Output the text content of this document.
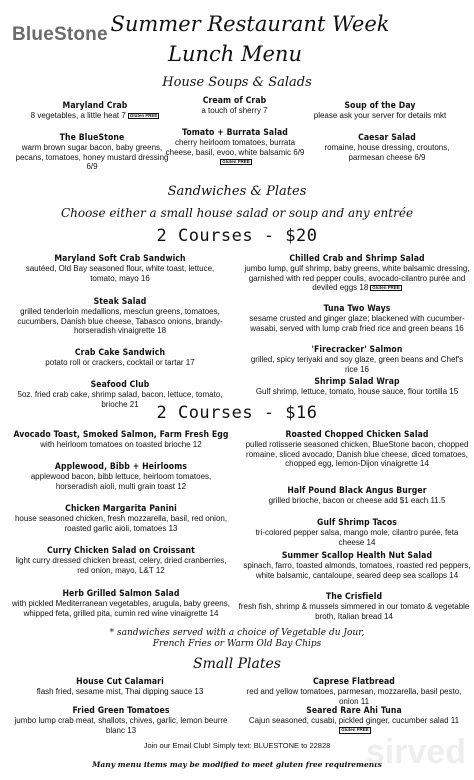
BlueStone Summer Restaurant Week
Lunch Menu
House Soups & Salads
Maryland Crab
8 vegetables, a little heat 7 Gluten FREE
Cream of Crab
a touch of sherry 7	Soup of the Day
please ask your server for details mkt
The BlueStone
warm brown sugar bacon, baby greens, pecans, tomatoes, honey mustard dressing 6/9
Tomato + Burrata Salad
cherry heirloom tomatoes, burrata cheese, basil, evoo, white balsamic 6/9Gluten FREE
Caesar Salad
romaine, house dressing, croutons, parmesan cheese 6/9
Sandwiches & Plates
Choose either a small house salad or soup and any entrée
2 Courses - $20
Maryland Soft Crab Sandwich
sautéed, Old Bay seasoned flour, white toast, lettuce, tomato, mayo 16
Steak Salad
grilled tenderloin medallions, mesclun greens, tomatoes, cucumbers, Danish blue cheese, Tabasco onions, brandy-horseradish vinaigrette 18
Crab Cake Sandwich
potato roll or crackers, cocktail or tartar 17
Seafood Club
5oz. fried crab cake, shrimp salad, bacon, lettuce, tomato, brioche 21
Chilled Crab and Shrimp Salad
jumbo lump, gulf shrimp, baby greens, white balsamic dressing, garnished with red pepper coulis, avocado-cilantro purée and deviled eggs 18 Gluten FREE
Tuna Two Ways
sesame crusted and ginger glaze; blackened with cucumber-wasabi, served with lump crab fried rice and green beans 16
'Firecracker' Salmon
grilled, spicy teriyaki and soy glaze, green beans and Chef's rice 16
Shrimp Salad Wrap
Gulf shrimp, lettuce, tomato, house sauce, flour tortilla 15
2 Courses - $16
Avocado Toast, Smoked Salmon, Farm Fresh Egg
with heirloom tomatoes on toasted brioche 12
Applewood, Bibb + Heirlooms
applewood bacon, bibb lettuce, heirloom tomatoes, horseradish aioli, multi grain toast 12
Chicken Margarita Panini
house seasoned chicken, fresh mozzarella, basil, red onion, roasted garlic aioli, tomatoes 13
Curry Chicken Salad on Croissant
light curry dressed chicken breast, celery, dried cranberries, red onion, mayo, L&T 12
Herb Grilled Salmon Salad
with pickled Mediterranean vegetables, arugula, baby greens, whipped feta, grilled pita, cumin red wine vinaigrette 14
Roasted Chopped Chicken Salad
pulled rotisserie seasoned chicken, BlueStone bacon, chopped romaine, sliced avocado, Danish blue cheese, diced tomatoes, chopped egg, lemon-Dijon vinaigrette 14
Half Pound Black Angus Burger
grilled brioche, bacon or cheese add $1 each 11.5
Gulf Shrimp Tacos
tri-colored pepper salsa, mango mole, cilantro purée, feta cheese 14
Summer Scallop Health Nut Salad
spinach, farro, toasted almonds, tomatoes, roasted red peppers, white balsamic, cantaloupe, seared deep sea scallops 14
The Crisfield
fresh fish, shrimp & mussels simmered in our tomato & vegetable broth, Italian bread 14
* sandwiches served with a choice of Vegetable du Jour,
French Fries or Warm Old Bay Chips
Small Plates
House Cut Calamari
flash fried, sesame mist, Thai dipping sauce 13
Caprese Flatbread
red and yellow tomatoes, parmesan, mozzarella, basil pesto, onion 11
Fried Green Tomatoes
jumbo lump crab meat, shallots, chives, garlic, lemon beurre blanc 13
Seared Rare Ahi Tuna
Cajun seasoned, cusabi, pickled ginger, cucumber salad 11Gluten FREE
Join our Email Club! Simply text: BLUESTONE to 22828
Many menu items may be modified to meet gluten free requirements
sirved
